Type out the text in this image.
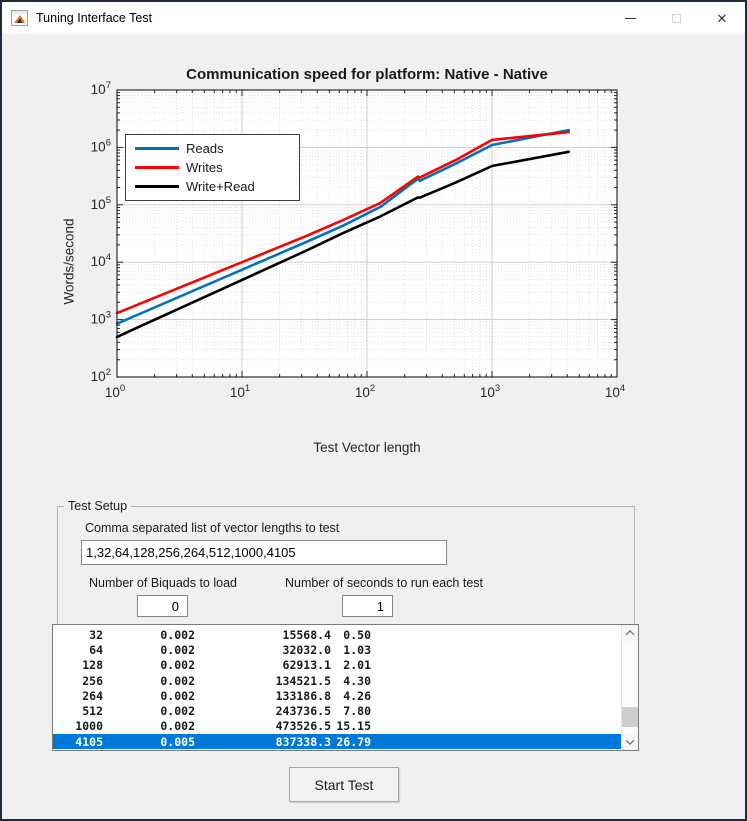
Tuning Interface Test	✕
Communication speed for platform: Native - Native
$10^0$	$10^1$	$10^2$	$10^3$	$10^4$
$10^2$
$10^3$
$10^4$
$10^5$
$10^6$
$10^7$
Words/second
Test Vector length
Reads
Writes
Write+Read
Test Setup
Comma separated list of vector lengths to test
1,32,64,128,256,264,512,1000,4105
Number of Biquads to load
0	Number of seconds to run each test
1
32	0.002	15568.4	0.50
64	0.002	32032.0	1.03
128	0.002	62913.1	2.01
256	0.002	134521.5	4.30
264	0.002	133186.8	4.26
512	0.002	243736.5	7.80
1000	0.002	473526.5 15.15
4105	0.005	837338.3 26.79
Start Test
